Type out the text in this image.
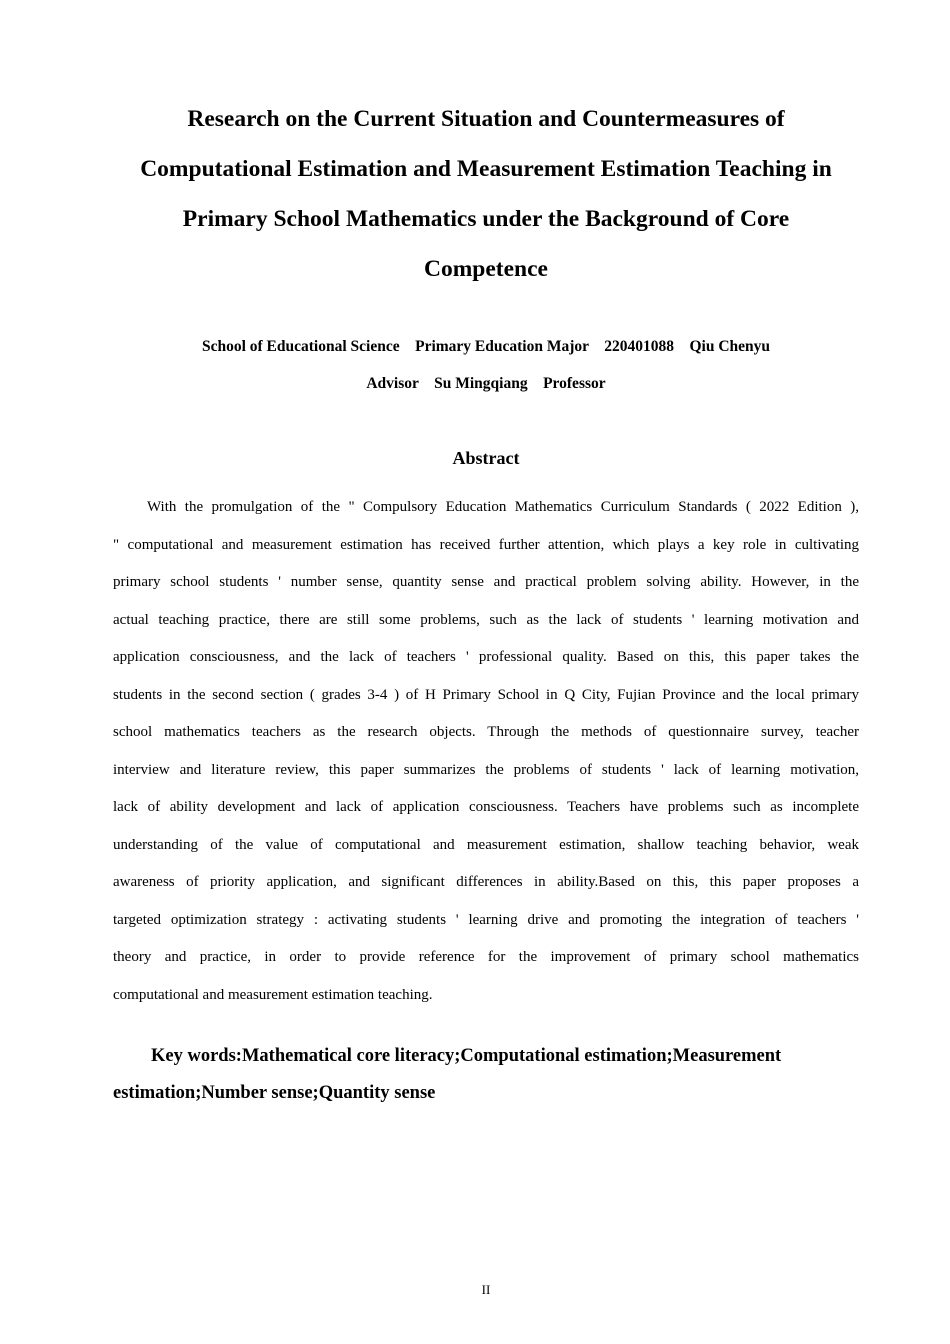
Research on the Current Situation and Countermeasures of
Computational Estimation and Measurement Estimation Teaching in
Primary School Mathematics under the Background of Core
Competence
School of Educational Science    Primary Education Major    220401088    Qiu Chenyu
Advisor    Su Mingqiang    Professor
Abstract
With the promulgation of the " Compulsory Education Mathematics Curriculum Standards ( 2022 Edition ),
" computational and measurement estimation has received further attention, which plays a key role in cultivating
primary school students ' number sense, quantity sense and practical problem solving ability. However, in the
actual teaching practice, there are still some problems, such as the lack of students ' learning motivation and
application consciousness, and the lack of teachers ' professional quality. Based on this, this paper takes the
students in the second section ( grades 3-4 ) of H Primary School in Q City, Fujian Province and the local primary
school mathematics teachers as the research objects. Through the methods of questionnaire survey, teacher
interview and literature review, this paper summarizes the problems of students ' lack of learning motivation,
lack of ability development and lack of application consciousness. Teachers have problems such as incomplete
understanding of the value of computational and measurement estimation, shallow teaching behavior, weak
awareness of priority application, and significant differences in ability.Based on this, this paper proposes a
targeted optimization strategy : activating students ' learning drive and promoting the integration of teachers '
theory and practice, in order to provide reference for the improvement of primary school mathematics
computational and measurement estimation teaching.
Key words:Mathematical core literacy;Computational estimation;Measurement
estimation;Number sense;Quantity sense
II
